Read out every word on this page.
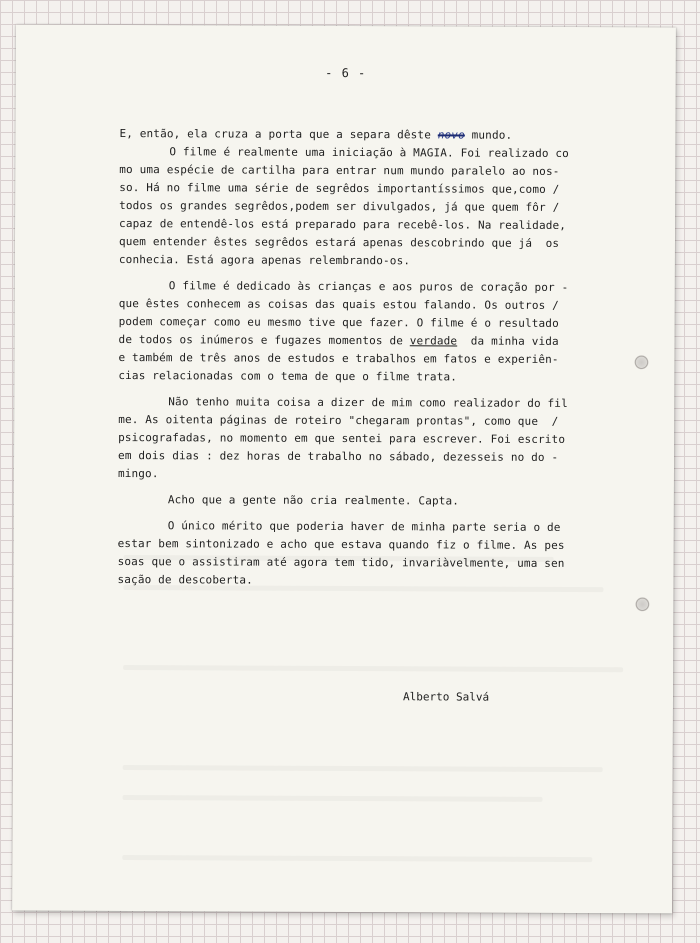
- 6 -
E, então, ela cruza a porta que a separa dêste novo mundo.
O filme é realmente uma iniciação à MAGIA. Foi realizado co
mo uma espécie de cartilha para entrar num mundo paralelo ao nos-
so. Há no filme uma série de segrêdos importantíssimos que,como /
todos os grandes segrêdos,podem ser divulgados, já que quem fôr /
capaz de entendê-los está preparado para recebê-los. Na realidade,
quem entender êstes segrêdos estará apenas descobrindo que já  os
conhecia. Está agora apenas relembrando-os.
O filme é dedicado às crianças e aos puros de coração por -
que êstes conhecem as coisas das quais estou falando. Os outros /
podem começar como eu mesmo tive que fazer. O filme é o resultado
de todos os inúmeros e fugazes momentos de verdade  da minha vida
e também de três anos de estudos e trabalhos em fatos e experiên-
cias relacionadas com o tema de que o filme trata.
Não tenho muita coisa a dizer de mim como realizador do fil
me. As oitenta páginas de roteiro "chegaram prontas", como que  /
psicografadas, no momento em que sentei para escrever. Foi escrito
em dois dias : dez horas de trabalho no sábado, dezesseis no do -
mingo.
Acho que a gente não cria realmente. Capta.
O único mérito que poderia haver de minha parte seria o de
estar bem sintonizado e acho que estava quando fiz o filme. As pes
soas que o assistiram até agora tem tido, invariàvelmente, uma sen
sação de descoberta.
Alberto Salvá
